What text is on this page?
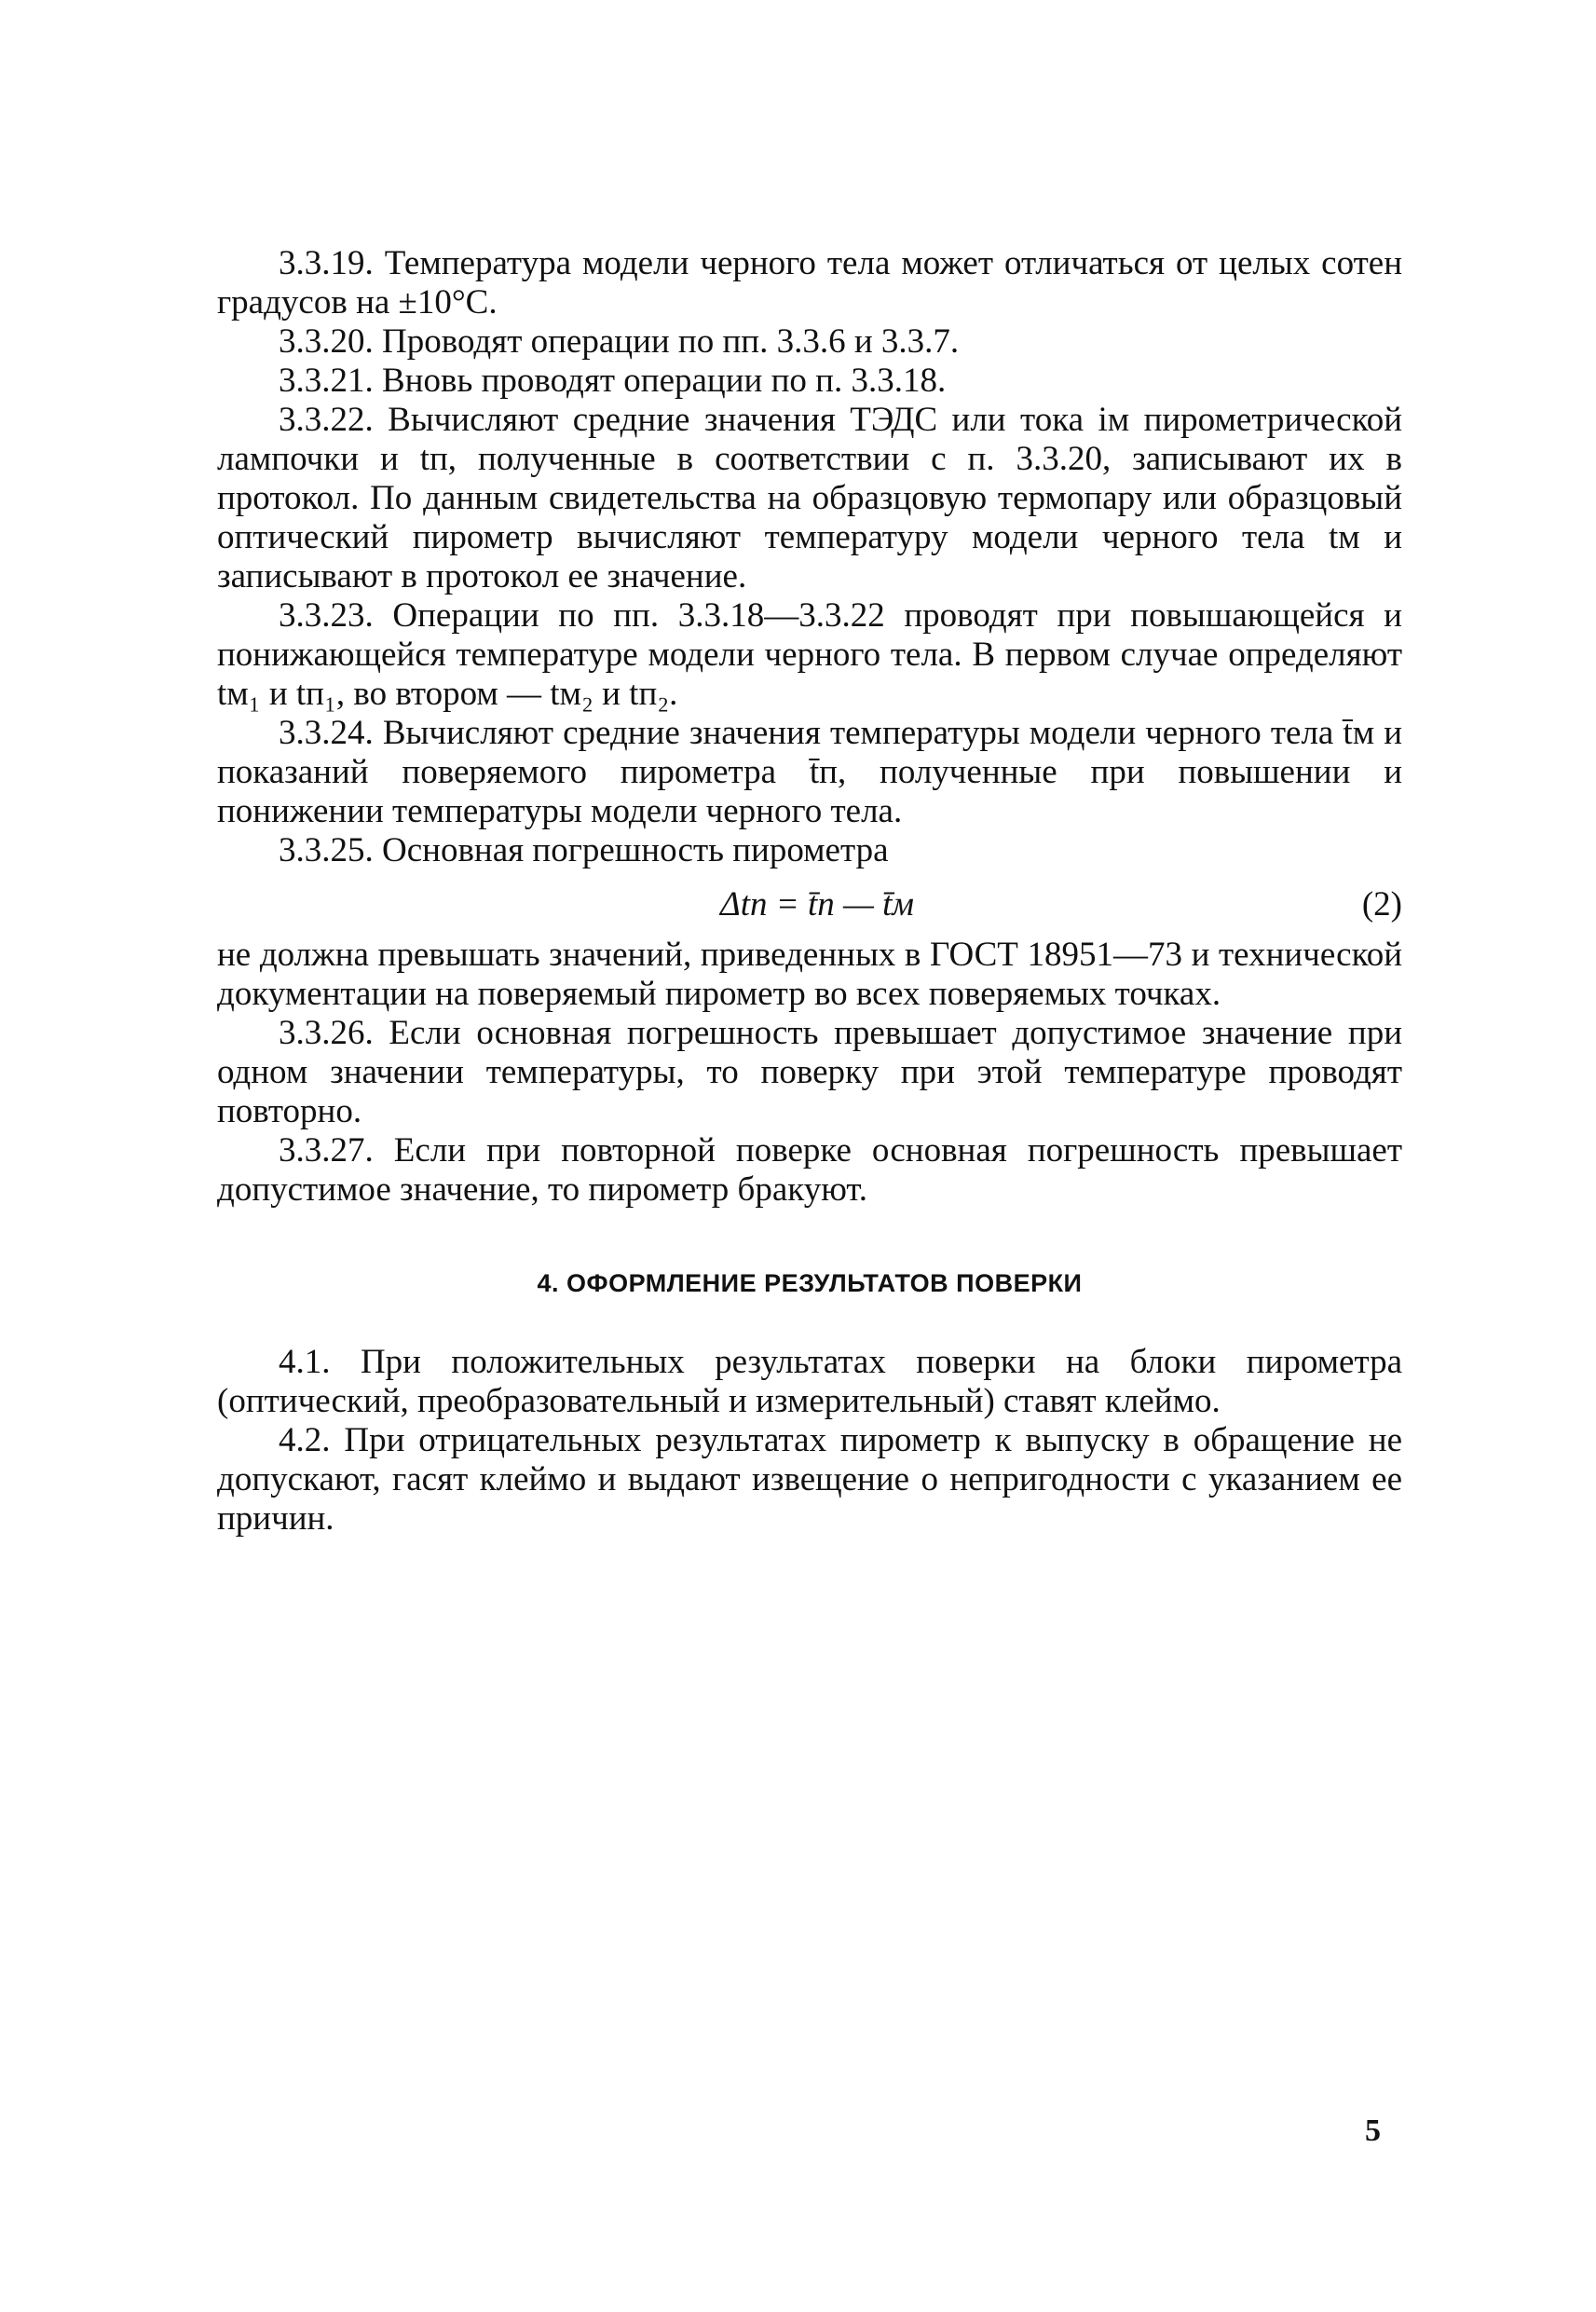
3.3.19. Температура модели черного тела может отличаться от целых сотен градусов на ±10°С.

3.3.20. Проводят операции по пп. 3.3.6 и 3.3.7.

3.3.21. Вновь проводят операции по п. 3.3.18.

3.3.22. Вычисляют средние значения ТЭДС или тока iм пирометрической лампочки и tп, полученные в соответствии с п. 3.3.20, записывают их в протокол. По данным свидетельства на образцовую термопару или образцовый оптический пирометр вычисляют температуру модели черного тела tм и записывают в протокол ее значение.

3.3.23. Операции по пп. 3.3.18—3.3.22 проводят при повышающейся и понижающейся температуре модели черного тела. В первом случае определяют tм₁ и tп₁, во втором — tм₂ и tп₂.

3.3.24. Вычисляют средние значения температуры модели черного тела t̄м и показаний поверяемого пирометра t̄п, полученные при повышении и понижении температуры модели черного тела.

3.3.25. Основная погрешность пирометра

Δtп = t̄п — t̄м	(2)

не должна превышать значений, приведенных в ГОСТ 18951—73 и технической документации на поверяемый пирометр во всех поверяемых точках.

3.3.26. Если основная погрешность превышает допустимое значение при одном значении температуры, то поверку при этой температуре проводят повторно.

3.3.27. Если при повторной поверке основная погрешность превышает допустимое значение, то пирометр бракуют.

4. ОФОРМЛЕНИЕ РЕЗУЛЬТАТОВ ПОВЕРКИ

4.1. При положительных результатах поверки на блоки пирометра (оптический, преобразовательный и измерительный) ставят клеймо.

4.2. При отрицательных результатах пирометр к выпуску в обращение не допускают, гасят клеймо и выдают извещение о непригодности с указанием ее причин.

5
